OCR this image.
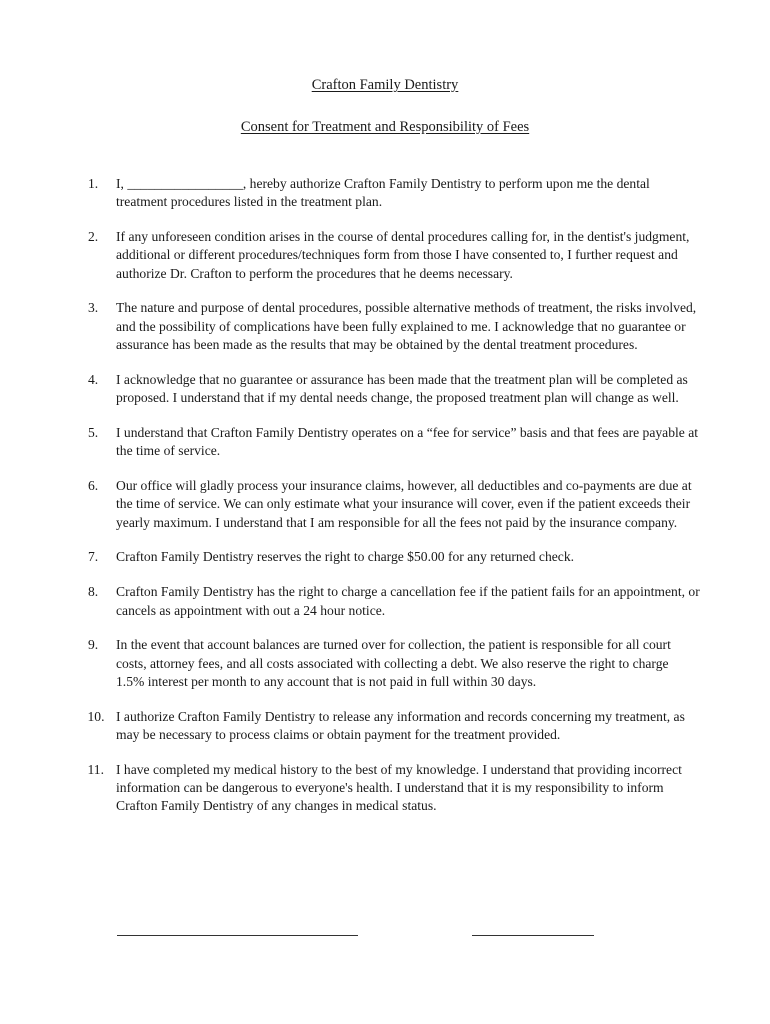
Crafton Family Dentistry
Consent for Treatment and Responsibility of Fees
1.	I, _________________, hereby authorize Crafton Family Dentistry to perform upon me the dental treatment procedures listed in the treatment plan.
2.	If any unforeseen condition arises in the course of dental procedures calling for, in the dentist's judgment, additional or different procedures/techniques form from those I have consented to, I further request and authorize Dr. Crafton to perform the procedures that he deems necessary.
3.	The nature and purpose of dental procedures, possible alternative methods of treatment, the risks involved, and the possibility of complications have been fully explained to me. I acknowledge that no guarantee or assurance has been made as the results that may be obtained by the dental treatment procedures.
4.	I acknowledge that no guarantee or assurance has been made that the treatment plan will be completed as proposed. I understand that if my dental needs change, the proposed treatment plan will change as well.
5.	I understand that Crafton Family Dentistry operates on a “fee for service” basis and that fees are payable at the time of service.
6.	Our office will gladly process your insurance claims, however, all deductibles and co-payments are due at the time of service. We can only estimate what your insurance will cover, even if the patient exceeds their yearly maximum. I understand that I am responsible for all the fees not paid by the insurance company.
7.	Crafton Family Dentistry reserves the right to charge $50.00 for any returned check.
8.	Crafton Family Dentistry has the right to charge a cancellation fee if the patient fails for an appointment, or cancels as appointment with out a 24 hour notice.
9.	In the event that account balances are turned over for collection, the patient is responsible for all court costs, attorney fees, and all costs associated with collecting a debt. We also reserve the right to charge 1.5% interest per month to any account that is not paid in full within 30 days.
10. I authorize Crafton Family Dentistry to release any information and records concerning my treatment, as may be necessary to process claims or obtain payment for the treatment provided.
11. I have completed my medical history to the best of my knowledge. I understand that providing incorrect information can be dangerous to everyone's health. I understand that it is my responsibility to inform Crafton Family Dentistry of any changes in medical status.
